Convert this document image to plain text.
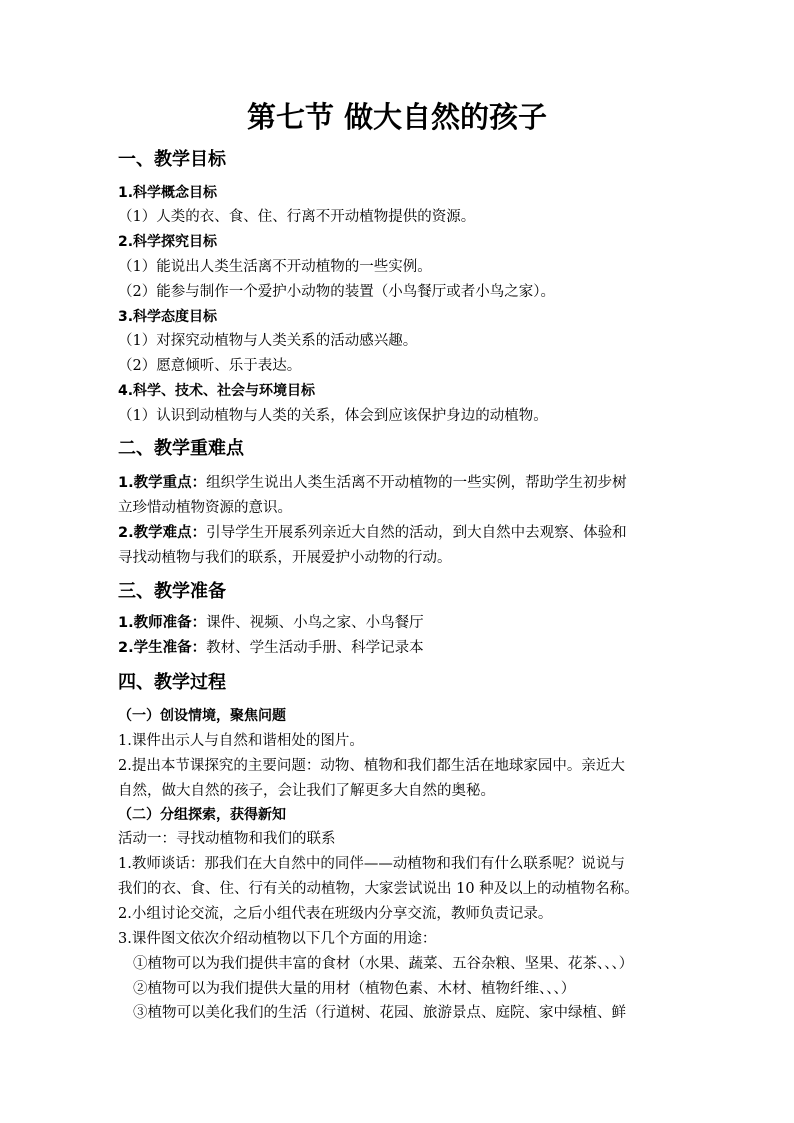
第七节 做大自然的孩子
一、教学目标
1.科学概念目标
（1）人类的衣、食、住、行离不开动植物提供的资源。
2.科学探究目标
（1）能说出人类生活离不开动植物的一些实例。
（2）能参与制作一个爱护小动物的装置（小鸟餐厅或者小鸟之家）。
3.科学态度目标
（1）对探究动植物与人类关系的活动感兴趣。
（2）愿意倾听、乐于表达。
4.科学、技术、社会与环境目标
（1）认识到动植物与人类的关系，体会到应该保护身边的动植物。
二、教学重难点
1.教学重点：组织学生说出人类生活离不开动植物的一些实例，帮助学生初步树
立珍惜动植物资源的意识。
2.教学难点：引导学生开展系列亲近大自然的活动，到大自然中去观察、体验和
寻找动植物与我们的联系，开展爱护小动物的行动。
三、教学准备
1.教师准备：课件、视频、小鸟之家、小鸟餐厅
2.学生准备：教材、学生活动手册、科学记录本
四、教学过程
（一）创设情境，聚焦问题
1.课件出示人与自然和谐相处的图片。
2.提出本节课探究的主要问题：动物、植物和我们都生活在地球家园中。亲近大
自然，做大自然的孩子，会让我们了解更多大自然的奥秘。
（二）分组探索，获得新知
活动一：寻找动植物和我们的联系
1.教师谈话：那我们在大自然中的同伴——动植物和我们有什么联系呢？说说与
我们的衣、食、住、行有关的动植物，大家尝试说出 10 种及以上的动植物名称。
2.小组讨论交流，之后小组代表在班级内分享交流，教师负责记录。
3.课件图文依次介绍动植物以下几个方面的用途：
①植物可以为我们提供丰富的食材（水果、蔬菜、五谷杂粮、坚果、花茶、、、）
②植物可以为我们提供大量的用材（植物色素、木材、植物纤维、、、）
③植物可以美化我们的生活（行道树、花园、旅游景点、庭院、家中绿植、鲜
